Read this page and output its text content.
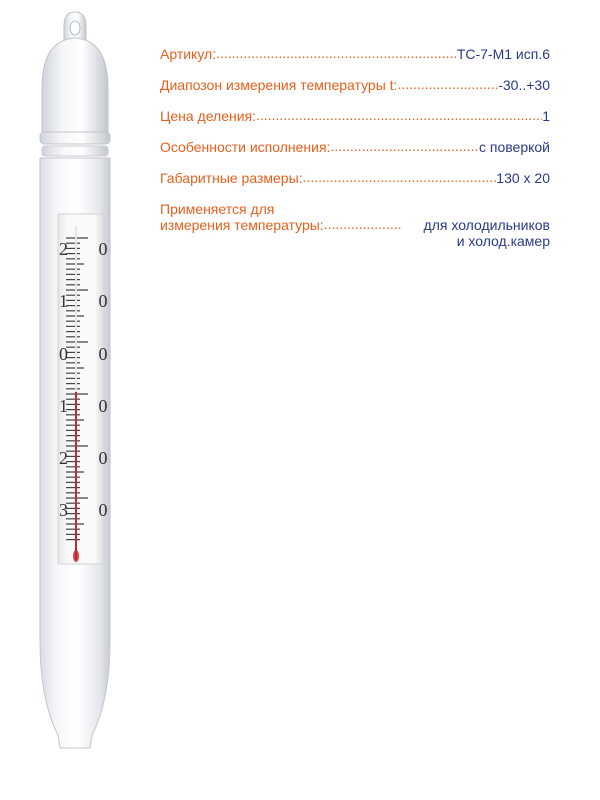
2 0
1 0
0 0
1 0
2 0
3 0
Артикул: .....	ТС-7-М1 исп.6
Диапозон измерения температуры t: .....	-30..+30
Цена деления: .....	1
Особенности исполнения: .....	с поверкой
Габаритные размеры: .....	130 х 20
Применяется для
измерения температуры: .....	для холодильников
и холод.камер
